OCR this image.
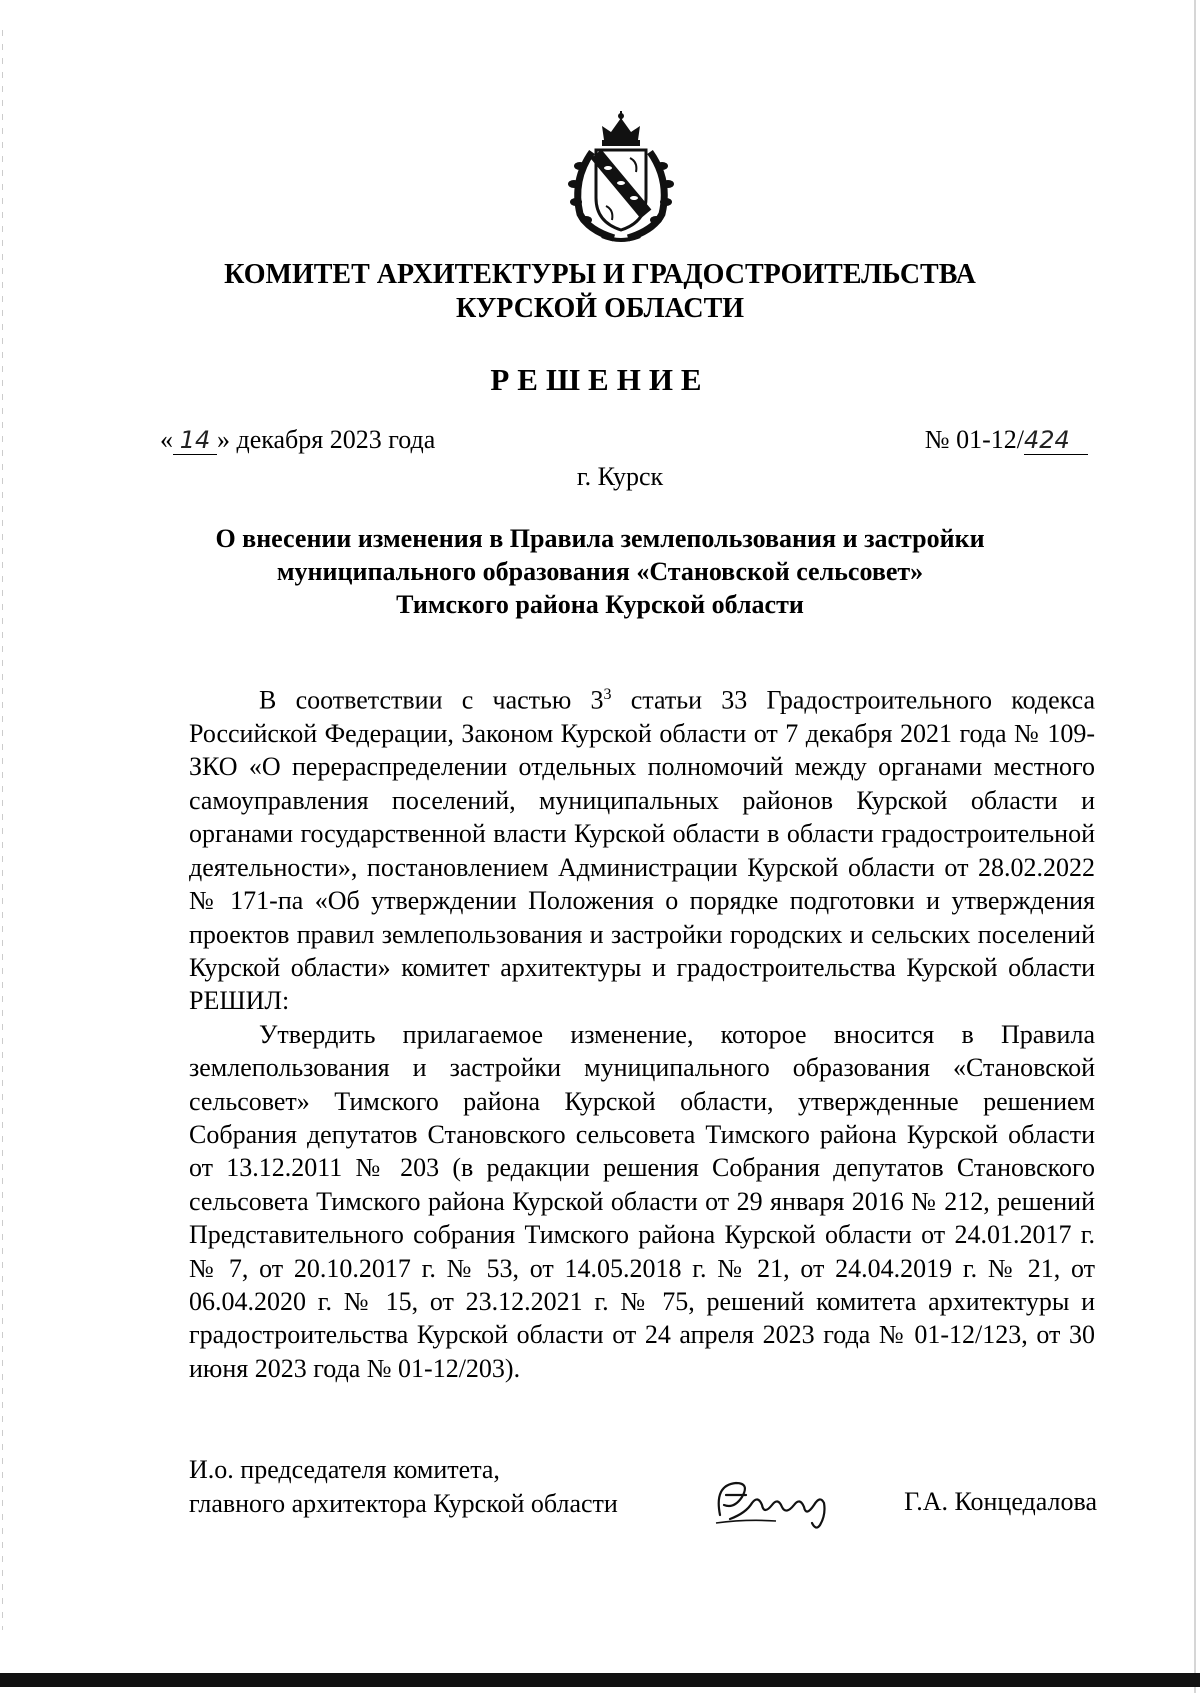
КОМИТЕТ АРХИТЕКТУРЫ И ГРАДОСТРОИТЕЛЬСТВА
КУРСКОЙ ОБЛАСТИ
РЕШЕНИЕ
« 14 » декабря 2023 года	№ 01-12/424
г. Курск
О внесении изменения в Правила землепользования и застройки
муниципального образования «Становской сельсовет»
Тимского района Курской области

В соответствии с частью $3^3$ статьи 33 Градостроительного кодекса Российской Федерации, Законом Курской области от 7 декабря 2021 года № 109-ЗКО «О перераспределении отдельных полномочий между органами местного самоуправления поселений, муниципальных районов Курской области и органами государственной власти Курской области в области градостроительной деятельности», постановлением Администрации Курской области от 28.02.2022 № 171-па «Об утверждении Положения о порядке подготовки и утверждения проектов правил землепользования и застройки городских и сельских поселений Курской области» комитет архитектуры и градостроительства Курской области РЕШИЛ:

Утвердить прилагаемое изменение, которое вносится в Правила землепользования и застройки муниципального образования «Становской сельсовет» Тимского района Курской области, утвержденные решением Собрания депутатов Становского сельсовета Тимского района Курской области от 13.12.2011 № 203 (в редакции решения Собрания депутатов Становского сельсовета Тимского района Курской области от 29 января 2016 № 212, решений Представительного собрания Тимского района Курской области от 24.01.2017 г. № 7, от 20.10.2017 г. № 53, от 14.05.2018 г. № 21, от 24.04.2019 г. № 21, от 06.04.2020 г. № 15, от 23.12.2021 г. № 75, решений комитета архитектуры и градостроительства Курской области от 24 апреля 2023 года № 01-12/123, от 30 июня 2023 года № 01-12/203).

И.о. председателя комитета,
главного архитектора Курской области	Г.А. Концедалова
